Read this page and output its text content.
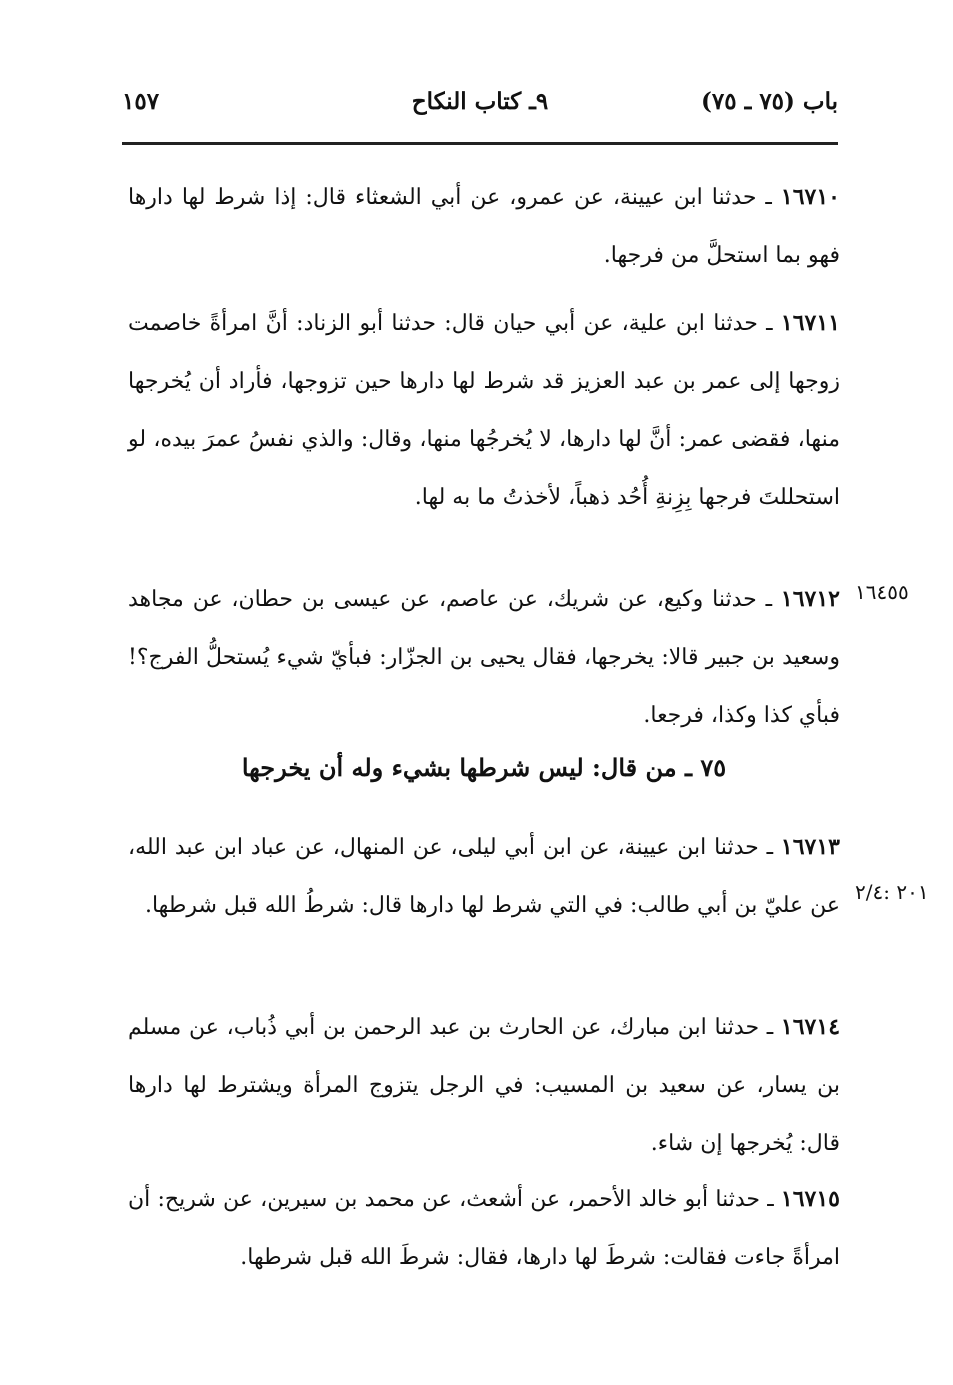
باب (٧٥ ـ ٧٥)
٩ـ كتاب النكاح
١٥٧
١٦٧١٠ ـ حدثنا ابن عيينة، عن عمرو، عن أبي الشعثاء قال: إذا شرط لها دارها فهو بما استحلَّ من فرجها.
١٦٧١١ ـ حدثنا ابن علية، عن أبي حيان قال: حدثنا أبو الزناد: أنَّ امرأةً خاصمت زوجها إلى عمر بن عبد العزيز قد شرط لها دارها حين تزوجها، فأراد أن يُخرجها منها، فقضى عمر: أنَّ لها دارها، لا يُخرجُها منها، وقال: والذي نفسُ عمرَ بيده، لو استحللتَ فرجها بِزِنةِ أُحُد ذهباً، لأخذتُ ما به لها.
١٦٤٥٥
١٦٧١٢ ـ حدثنا وكيع، عن شريك، عن عاصم، عن عيسى بن حطان، عن مجاهد وسعيد بن جبير قالا: يخرجها، فقال يحيى بن الجزّار: فبأيّ شيء يُستحلُّ الفرج؟! فبأي كذا وكذا، فرجعا.
٧٥ ـ من قال: ليس شرطها بشيء وله أن يخرجها
٢٠١ :٢/٤
١٦٧١٣ ـ حدثنا ابن عيينة، عن ابن أبي ليلى، عن المنهال، عن عباد ابن عبد الله، عن عليّ بن أبي طالب: في التي شرط لها دارها قال: شرطُ الله قبل شرطها.
١٦٧١٤ ـ حدثنا ابن مبارك، عن الحارث بن عبد الرحمن بن أبي ذُباب، عن مسلم بن يسار، عن سعيد بن المسيب: في الرجل يتزوج المرأة ويشترط لها دارها قال: يُخرجها إن شاء.
١٦٧١٥ ـ حدثنا أبو خالد الأحمر، عن أشعث، عن محمد بن سيرين، عن شريح: أن امرأةً جاءت فقالت: شرطَ لها دارها، فقال: شرطَ الله قبل شرطها.
